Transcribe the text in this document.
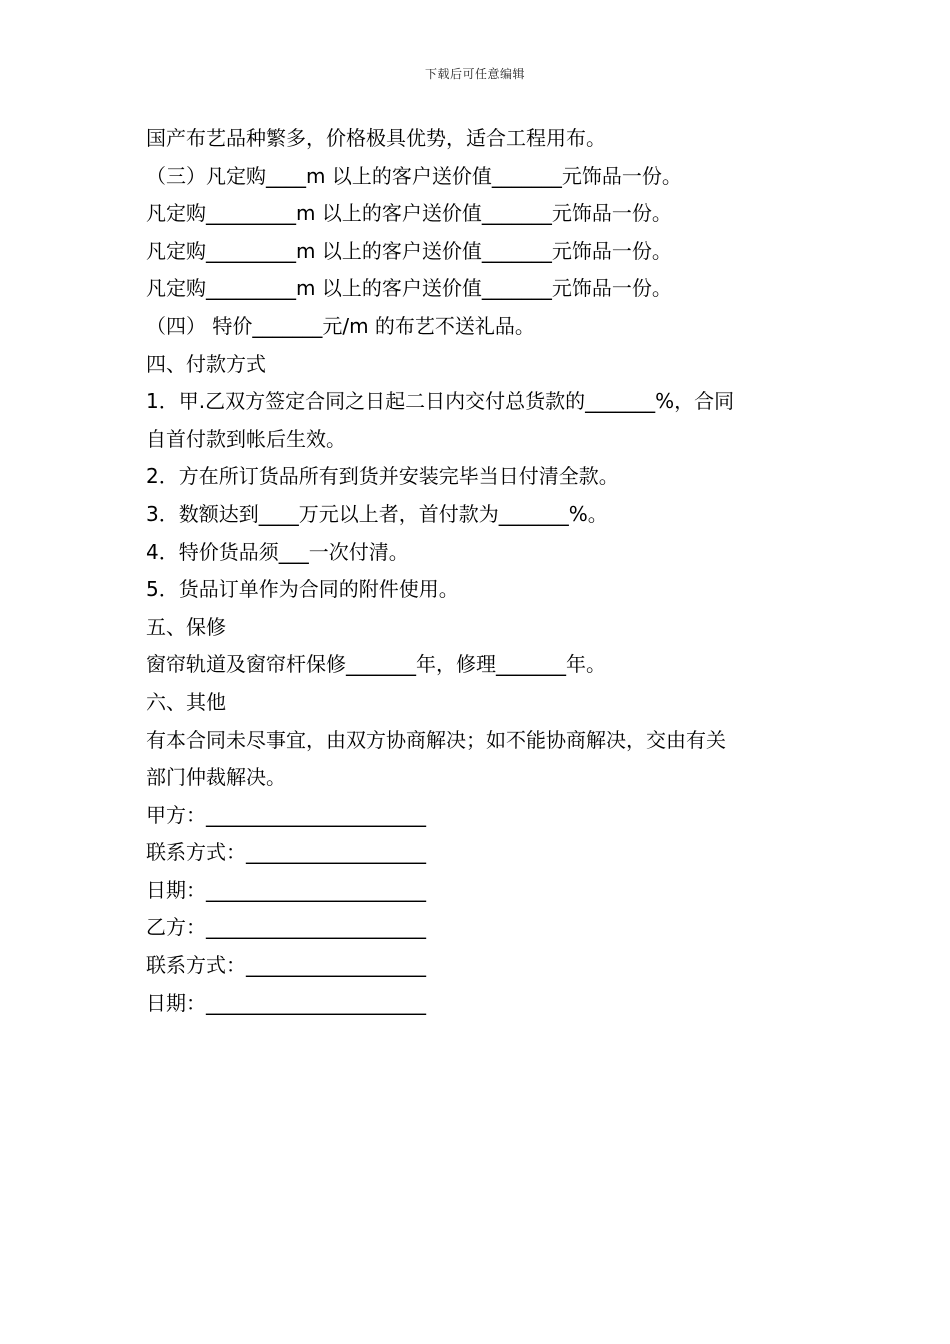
下载后可任意编辑
国产布艺品种繁多，价格极具优势，适合工程用布。
（三）凡定购____m 以上的客户送价值_______元饰品一份。
凡定购_________m 以上的客户送价值_______元饰品一份。
凡定购_________m 以上的客户送价值_______元饰品一份。
凡定购_________m 以上的客户送价值_______元饰品一份。
（四） 特价_______元/m 的布艺不送礼品。
四、付款方式
1．甲.乙双方签定合同之日起二日内交付总货款的_______%，合同
自首付款到帐后生效。
2．方在所订货品所有到货并安装完毕当日付清全款。
3．数额达到____万元以上者，首付款为_______%。
4．特价货品须___一次付清。
5．货品订单作为合同的附件使用。
五、保修
窗帘轨道及窗帘杆保修_______年，修理_______年。
六、其他
有本合同未尽事宜，由双方协商解决；如不能协商解决，交由有关
部门仲裁解决。
甲方：______________________
联系方式：__________________
日期：______________________
乙方：______________________
联系方式：__________________
日期：______________________
